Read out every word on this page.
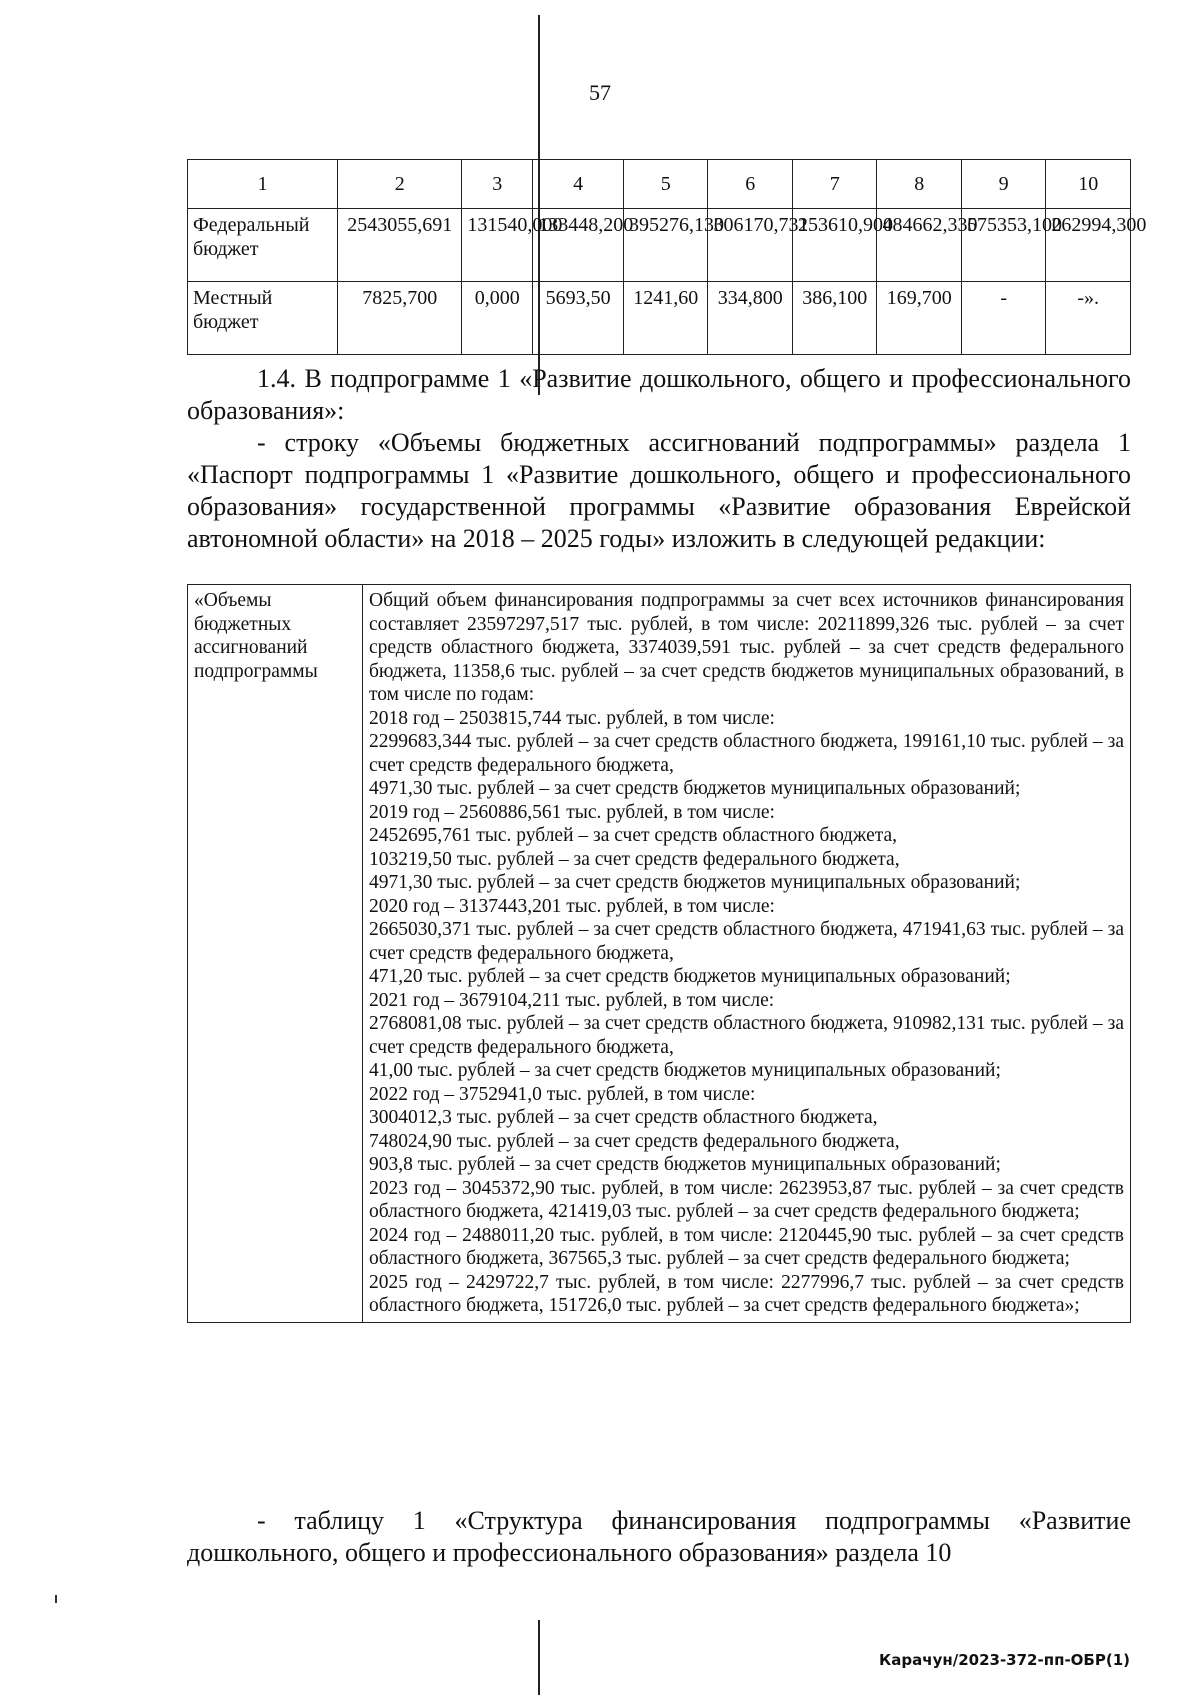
57
1	2	3	4	5	6	7	8	9	10
Федеральный бюджет	2543055,691	131540,000	133448,200	395276,130	306170,731	253610,900	484662,330	575353,100	262994,300
Местный бюджет	7825,700	0,000	5693,50	1241,60	334,800	386,100	169,700	-	-».

1.4. В подпрограмме 1 «Развитие дошкольного, общего и профессионального образования»:

- строку «Объемы бюджетных ассигнований подпрограммы» раздела 1 «Паспорт подпрограммы 1 «Развитие дошкольного, общего и профессионального образования» государственной программы «Развитие образования Еврейской автономной области» на 2018 – 2025 годы» изложить в следующей редакции:

«Объемы бюджетных ассигнований подпрограммы	

Общий объем финансирования подпрограммы за счет всех источников финансирования составляет 23597297,517 тыс. рублей, в том числе: 20211899,326 тыс. рублей – за счет средств областного бюджета, 3374039,591 тыс. рублей – за счет средств федерального бюджета, 11358,6 тыс. рублей – за счет средств бюджетов муниципальных образований, в том числе по годам:

2018 год – 2503815,744 тыс. рублей, в том числе:

2299683,344 тыс. рублей – за счет средств областного бюджета, 199161,10 тыс. рублей – за счет средств федерального бюджета,

4971,30 тыс. рублей – за счет средств бюджетов муниципальных образований;

2019 год – 2560886,561 тыс. рублей, в том числе:

2452695,761 тыс. рублей – за счет средств областного бюджета,

103219,50 тыс. рублей – за счет средств федерального бюджета,

4971,30 тыс. рублей – за счет средств бюджетов муниципальных образований;

2020 год – 3137443,201 тыс. рублей, в том числе:

2665030,371 тыс. рублей – за счет средств областного бюджета, 471941,63 тыс. рублей – за счет средств федерального бюджета,

471,20 тыс. рублей – за счет средств бюджетов муниципальных образований;

2021 год – 3679104,211 тыс. рублей, в том числе:

2768081,08 тыс. рублей – за счет средств областного бюджета, 910982,131 тыс. рублей – за счет средств федерального бюджета,

41,00 тыс. рублей – за счет средств бюджетов муниципальных образований;

2022 год – 3752941,0 тыс. рублей, в том числе:

3004012,3 тыс. рублей – за счет средств областного бюджета,

748024,90 тыс. рублей – за счет средств федерального бюджета,

903,8 тыс. рублей – за счет средств бюджетов муниципальных образований;

2023 год – 3045372,90 тыс. рублей, в том числе: 2623953,87 тыс. рублей – за счет средств областного бюджета, 421419,03 тыс. рублей – за счет средств федерального бюджета;

2024 год – 2488011,20 тыс. рублей, в том числе: 2120445,90 тыс. рублей – за счет средств областного бюджета, 367565,3 тыс. рублей – за счет средств федерального бюджета;

2025 год – 2429722,7 тыс. рублей, в том числе: 2277996,7 тыс. рублей – за счет средств областного бюджета, 151726,0 тыс. рублей – за счет средств федерального бюджета»;

- таблицу 1 «Структура финансирования подпрограммы «Развитие дошкольного, общего и профессионального образования» раздела 10

Карачун/2023-372-пп-ОБР(1)
